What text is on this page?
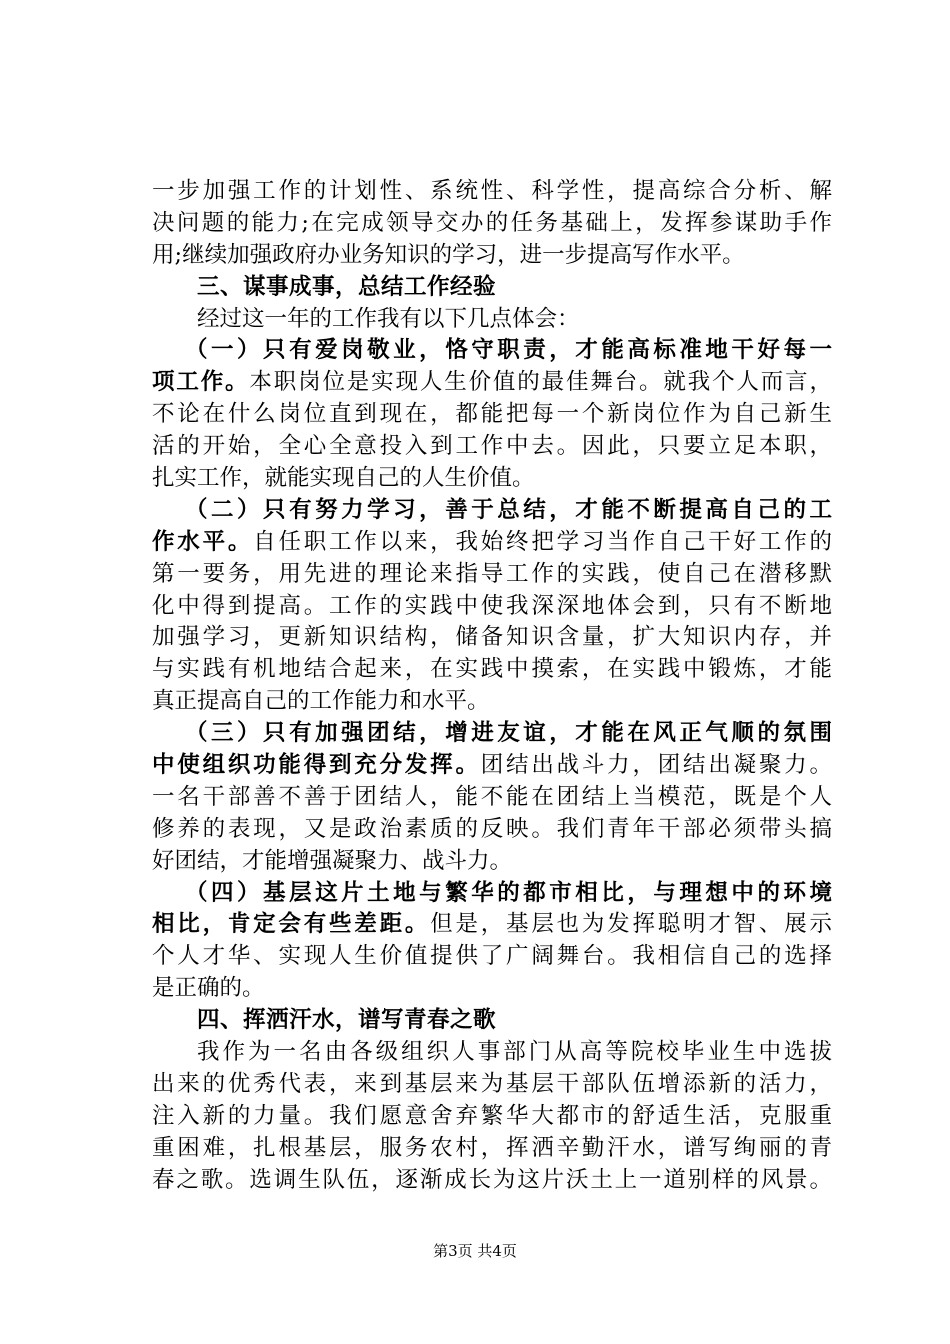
一步加强工作的计划性、系统性、科学性，提高综合分析、解
决问题的能力;在完成领导交办的任务基础上，发挥参谋助手作
用;继续加强政府办业务知识的学习，进一步提高写作水平。
三、谋事成事，总结工作经验
经过这一年的工作我有以下几点体会：
（一）只有爱岗敬业，恪守职责，才能高标准地干好每一
项工作。本职岗位是实现人生价值的最佳舞台。就我个人而言，
不论在什么岗位直到现在，都能把每一个新岗位作为自己新生
活的开始，全心全意投入到工作中去。因此，只要立足本职，
扎实工作，就能实现自己的人生价值。
（二）只有努力学习，善于总结，才能不断提高自己的工
作水平。自任职工作以来，我始终把学习当作自己干好工作的
第一要务，用先进的理论来指导工作的实践，使自己在潜移默
化中得到提高。工作的实践中使我深深地体会到，只有不断地
加强学习，更新知识结构，储备知识含量，扩大知识内存，并
与实践有机地结合起来，在实践中摸索，在实践中锻炼，才能
真正提高自己的工作能力和水平。
（三）只有加强团结，增进友谊，才能在风正气顺的氛围
中使组织功能得到充分发挥。团结出战斗力，团结出凝聚力。
一名干部善不善于团结人，能不能在团结上当模范，既是个人
修养的表现，又是政治素质的反映。我们青年干部必须带头搞
好团结，才能增强凝聚力、战斗力。
（四）基层这片土地与繁华的都市相比，与理想中的环境
相比，肯定会有些差距。但是，基层也为发挥聪明才智、展示
个人才华、实现人生价值提供了广阔舞台。我相信自己的选择
是正确的。
四、挥洒汗水，谱写青春之歌
我作为一名由各级组织人事部门从高等院校毕业生中选拔
出来的优秀代表，来到基层来为基层干部队伍增添新的活力，
注入新的力量。我们愿意舍弃繁华大都市的舒适生活，克服重
重困难，扎根基层，服务农村，挥洒辛勤汗水，谱写绚丽的青
春之歌。选调生队伍，逐渐成长为这片沃土上一道别样的风景。
第3页 共4页
